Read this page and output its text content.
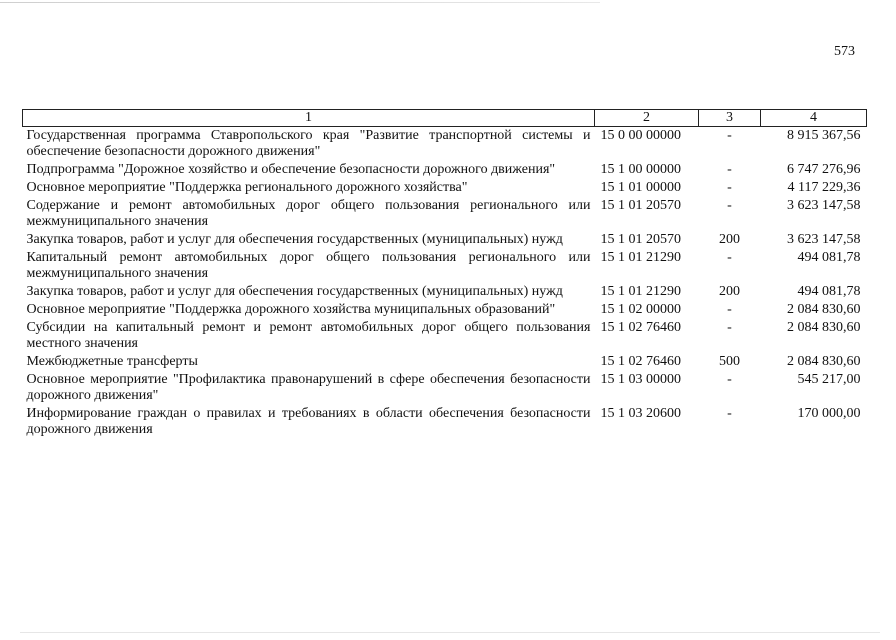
573
1	2	3	4
Государственная программа Ставропольского края "Развитие транспортной системы и обеспечение безопасности дорожного движения"	15 0 00 00000	-	8 915 367,56
Подпрограмма "Дорожное хозяйство и обеспечение безопасности дорожного движения"	15 1 00 00000	-	6 747 276,96
Основное мероприятие "Поддержка регионального дорожного хозяйства"	15 1 01 00000	-	4 117 229,36
Содержание и ремонт автомобильных дорог общего пользования регионального или межмуниципального значения	15 1 01 20570	-	3 623 147,58
Закупка товаров, работ и услуг для обеспечения государственных (муниципальных) нужд	15 1 01 20570	200	3 623 147,58
Капитальный ремонт автомобильных дорог общего пользования регионального или межмуниципального значения	15 1 01 21290	-	494 081,78
Закупка товаров, работ и услуг для обеспечения государственных (муниципальных) нужд	15 1 01 21290	200	494 081,78
Основное мероприятие "Поддержка дорожного хозяйства муниципальных образований"	15 1 02 00000	-	2 084 830,60
Субсидии на капитальный ремонт и ремонт автомобильных дорог общего пользования местного значения	15 1 02 76460	-	2 084 830,60
Межбюджетные трансферты	15 1 02 76460	500	2 084 830,60
Основное мероприятие "Профилактика правонарушений в сфере обеспечения безопасности дорожного движения"	15 1 03 00000	-	545 217,00
Информирование граждан о правилах и требованиях в области обеспечения безопасности дорожного движения	15 1 03 20600	-	170 000,00
